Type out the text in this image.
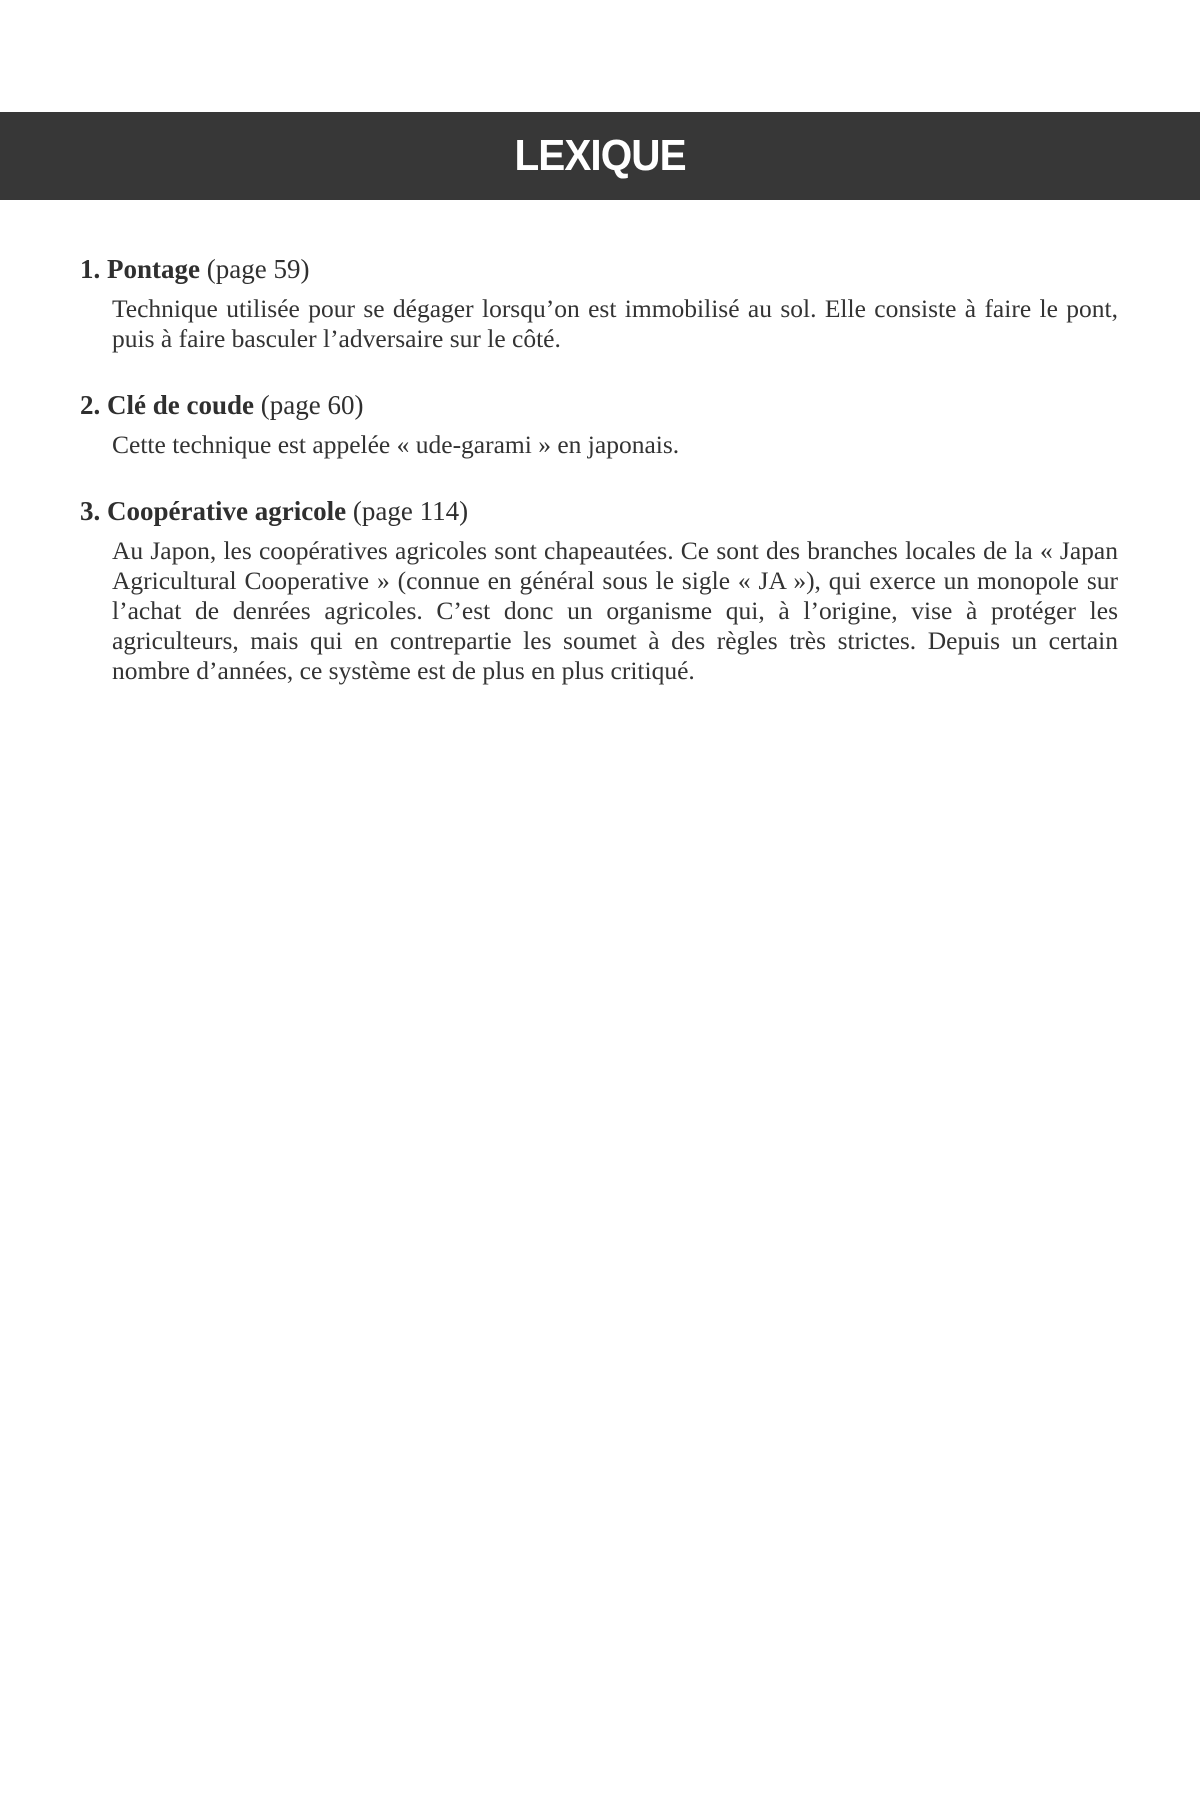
LEXIQUE
1. Pontage (page 59)
Technique utilisée pour se dégager lorsqu’on est immobilisé au sol. Elle consiste à faire le pont, puis à faire basculer l’adversaire sur le côté.
2. Clé de coude (page 60)
Cette technique est appelée « ude-garami » en japonais.
3. Coopérative agricole (page 114)
Au Japon, les coopératives agricoles sont chapeautées. Ce sont des branches locales de la « Japan Agricultural Cooperative » (connue en général sous le sigle « JA »), qui exerce un monopole sur l’achat de denrées agricoles. C’est donc un organisme qui, à l’origine, vise à protéger les agriculteurs, mais qui en contrepartie les soumet à des règles très strictes. Depuis un certain nombre d’années, ce système est de plus en plus critiqué.
